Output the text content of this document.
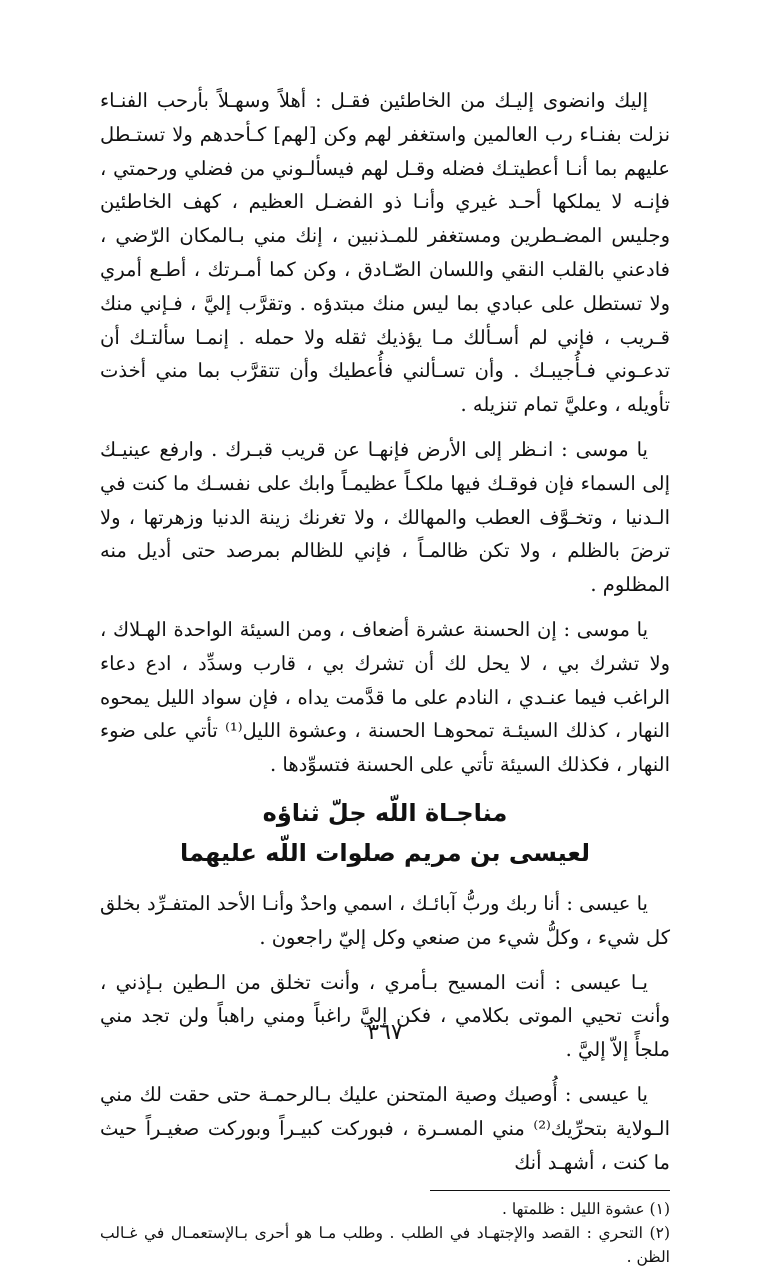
إليك وانضوى إليـك من الخاطئين فقـل : أهلاً وسهـلاً بأرحب الفنـاء نزلت بفنـاء رب العالمين واستغفر لهم وكن [لهم] كـأحدهم ولا تستـطل عليهم بما أنـا أعطيتـك فضله وقـل لهم فيسألـوني من فضلي ورحمتي ، فإنـه لا يملكها أحـد غيري وأنـا ذو الفضـل العظيم ، كهف الخاطئين وجليس المضـطرين ومستغفر للمـذنبين ، إنك مني بـالمكان الرّضي ، فادعني بالقلب النقي واللسان الصّـادق ، وكن كما أمـرتك ، أطـع أمري ولا تستطل على عبادي بما ليس منك مبتدؤه . وتقرَّب إليَّ ، فـإني منك قـريب ، فإني لم أسـألك مـا يؤذيك ثقله ولا حمله . إنمـا سألتـك أن تدعـوني فـأُجيبـك . وأن تسـألني فأُعطيك وأن تتقرَّب بما مني أخذت تأويله ، وعليَّ تمام تنزيله .

يا موسى : انـظر إلى الأرض فإنهـا عن قريب قبـرك . وارفع عينيـك إلى السماء فإن فوقـك فيها ملكـاً عظيمـاً وابك على نفسـك ما كنت في الـدنيا ، وتخـوَّف العطب والمهالك ، ولا تغرنك زينة الدنيا وزهرتها ، ولا ترضَ بالظلم ، ولا تكن ظالمـاً ، فإني للظالم بمرصد حتى أديل منه المظلوم .

يا موسى : إن الحسنة عشرة أضعاف ، ومن السيئة الواحدة الهـلاك ، ولا تشرك بي ، لا يحل لك أن تشرك بي ، قارب وسدِّد ، ادع دعاء الراغب فيما عنـدي ، النادم على ما قدَّمت يداه ، فإن سواد الليل يمحوه النهار ، كذلك السيئـة تمحوهـا الحسنة ، وعشوة الليل⁽¹⁾ تأتي على ضوء النهار ، فكذلك السيئة تأتي على الحسنة فتسوِّدها .

مناجـاة اللّه جلّ ثناؤه

لعيسى بن مريم صلوات اللّه عليهما

يا عيسى : أنا ربك وربُّ آبائـك ، اسمي واحدٌ وأنـا الأحد المتفـرِّد بخلق كل شيء ، وكلُّ شيء من صنعي وكل إليّ راجعون .

يـا عيسى : أنت المسيح بـأمري ، وأنت تخلق من الـطين بـإذني ، وأنت تحيي الموتى بكلامي ، فكن إليَّ راغباً ومني راهباً ولن تجد مني ملجأً إلاّ إليَّ .

يا عيسى : أُوصيك وصية المتحنن عليك بـالرحمـة حتى حقت لك مني الـولاية بتحرِّيك⁽²⁾ مني المسـرة ، فبوركت كبيـراً وبوركت صغيـراً حيث ما كنت ، أشهـد أنك

(١) عشوة الليل : ظلمتها .

(٢) التحري : القصد والإجتهـاد في الطلب . وطلب مـا هو أحرى بـالإستعمـال في غـالب الظن .

٣٦٧
